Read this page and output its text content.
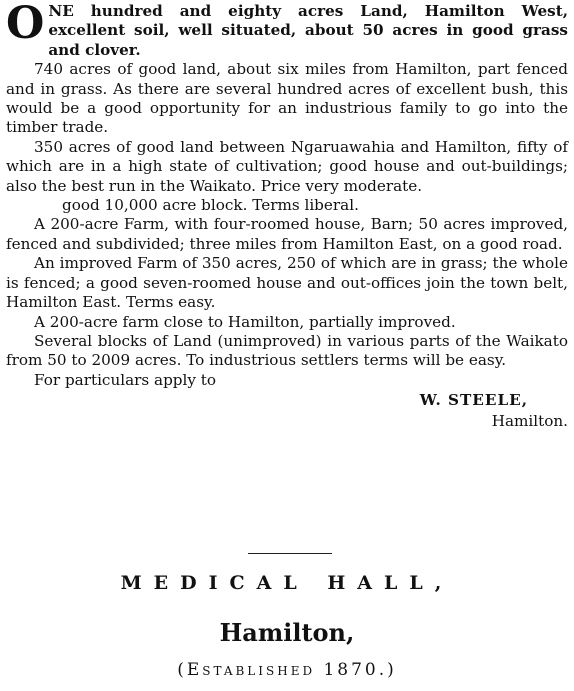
ONE hundred and eighty acres Land, Hamilton West, excellent soil, well situated, about 50 acres in good grass and clover.

740 acres of good land, about six miles from Hamilton, part fenced and in grass. As there are several hundred acres of excellent bush, this would be a good opportunity for an industrious family to go into the timber trade.

350 acres of good land between Ngaruawahia and Hamilton, fifty of which are in a high state of cultivation; good house and out-buildings; also the best run in the Waikato. Price very moderate.

good 10,000 acre block. Terms liberal.

A 200-acre Farm, with four-roomed house, Barn; 50 acres improved, fenced and subdivided; three miles from Hamilton East, on a good road.

An improved Farm of 350 acres, 250 of which are in grass; the whole is fenced; a good seven-roomed house and out-offices join the town belt, Hamilton East. Terms easy.

A 200-acre farm close to Hamilton, partially improved.

Several blocks of Land (unimproved) in various parts of the Waikato from 50 to 2009 acres. To industrious settlers terms will be easy.

For particulars apply to

W. STEELE,
Hamilton.

MEDICAL HALL,
Hamilton,
(Established 1870.)
